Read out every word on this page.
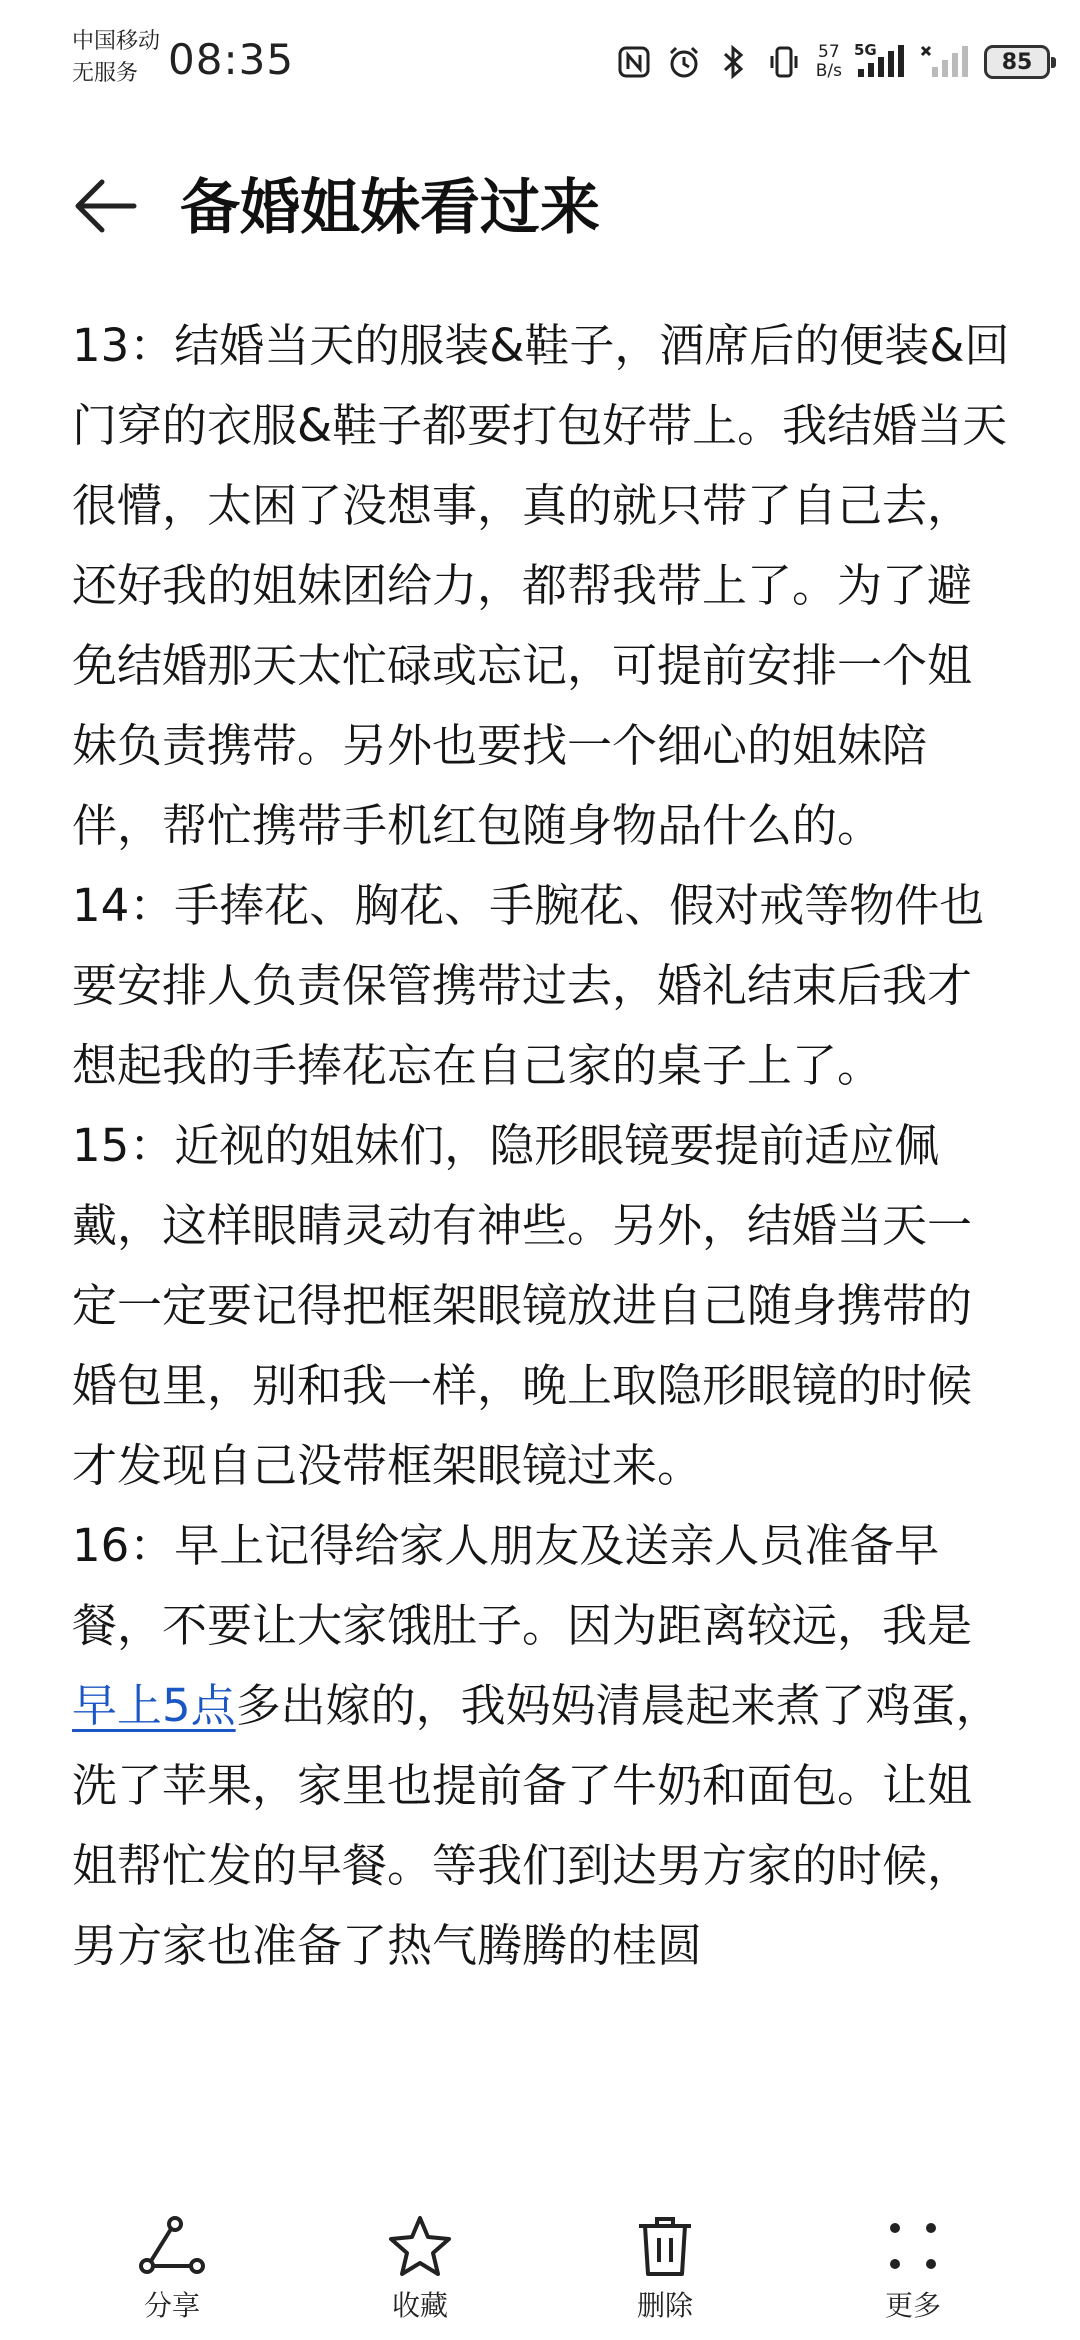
中国移动
无服务 08:35	57
B/s
5G	85
备婚姐妹看过来

13：结婚当天的服装&鞋子，酒席后的便装&回门穿的衣服&鞋子都要打包好带上。我结婚当天很懵，太困了没想事，真的就只带了自己去，还好我的姐妹团给力，都帮我带上了。为了避免结婚那天太忙碌或忘记，可提前安排一个姐妹负责携带。另外也要找一个细心的姐妹陪伴，帮忙携带手机红包随身物品什么的。

14：手捧花、胸花、手腕花、假对戒等物件也要安排人负责保管携带过去，婚礼结束后我才想起我的手捧花忘在自己家的桌子上了。

15：近视的姐妹们，隐形眼镜要提前适应佩戴，这样眼睛灵动有神些。另外，结婚当天一定一定要记得把框架眼镜放进自己随身携带的婚包里，别和我一样，晚上取隐形眼镜的时候才发现自己没带框架眼镜过来。

16：早上记得给家人朋友及送亲人员准备早餐，不要让大家饿肚子。因为距离较远，我是早上5点多出嫁的，我妈妈清晨起来煮了鸡蛋，洗了苹果，家里也提前备了牛奶和面包。让姐姐帮忙发的早餐。等我们到达男方家的时候，男方家也准备了热气腾腾的桂圆

分享	收藏	删除	更多
